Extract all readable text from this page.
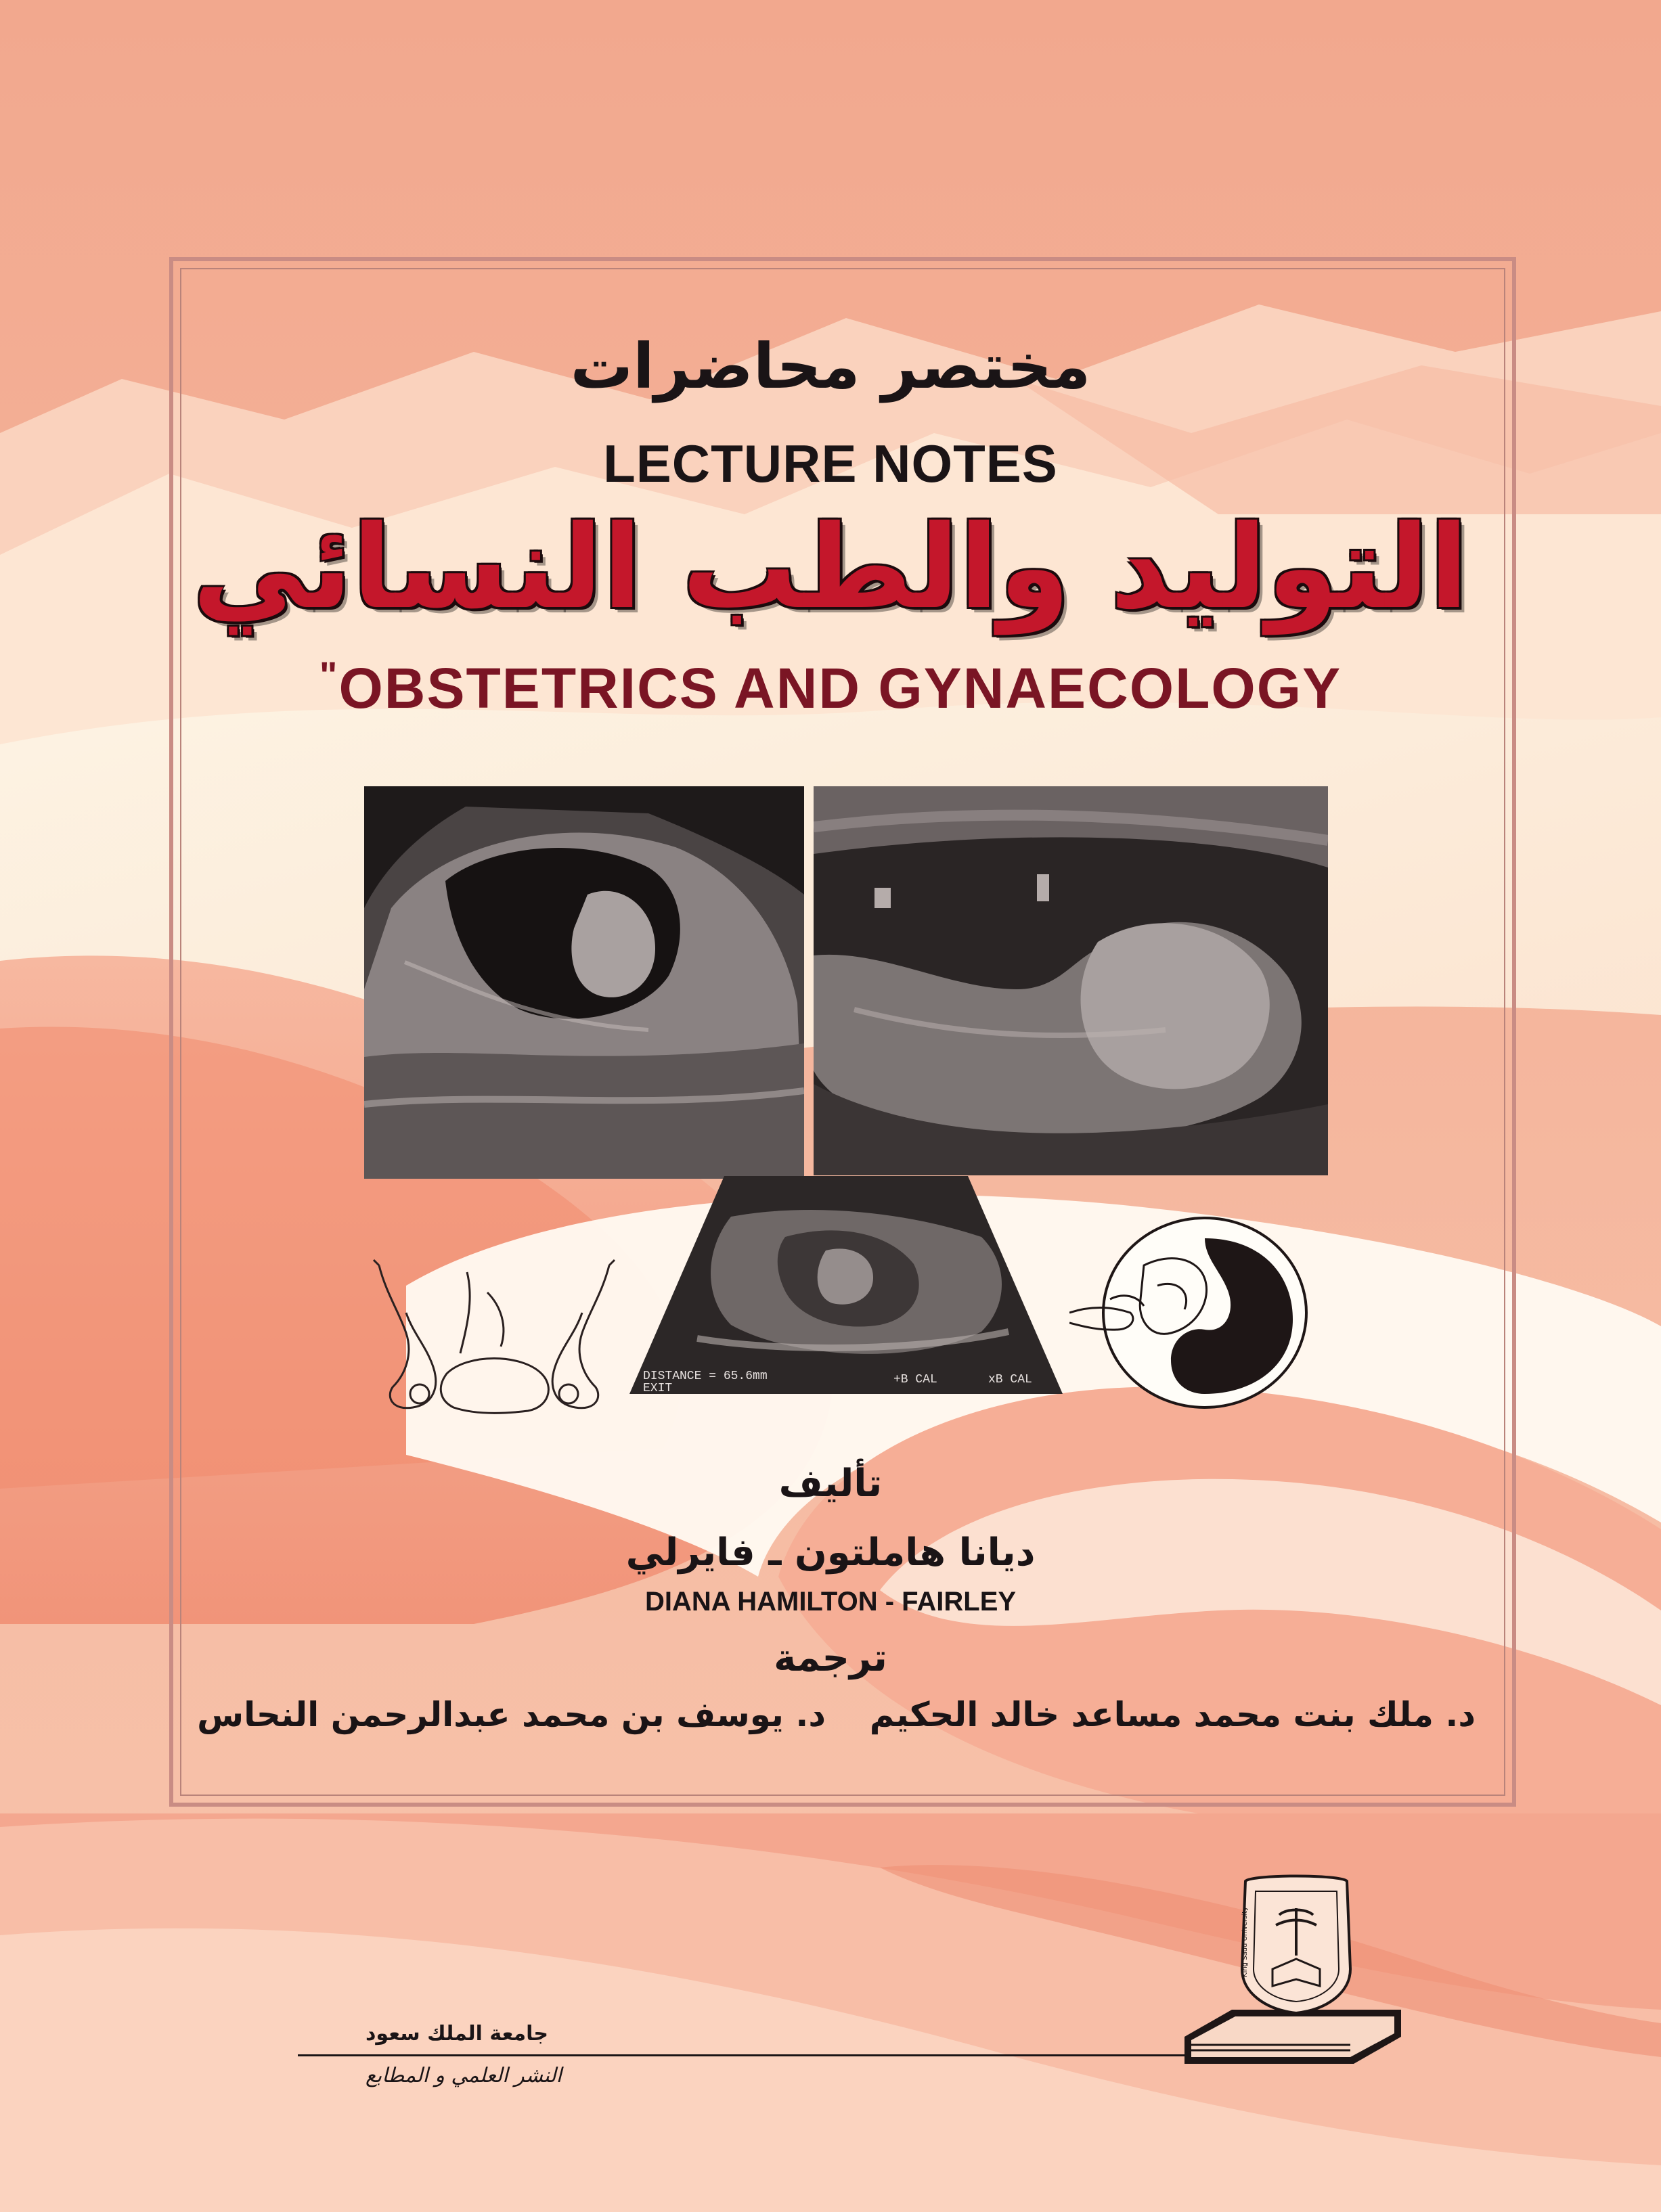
مختصر محاضرات
LECTURE NOTES
التوليد والطب النسائي
"OBSTETRICS AND GYNAECOLOGY
DISTANCE = 65.6mm
EXIT
+B CAL	xB CAL
تأليف
ديانا هاملتون ـ فايرلي
DIANA HAMILTON - FAIRLEY
ترجمة
د. ملك بنت محمد مساعد خالد الحكيم
د. يوسف بن محمد عبدالرحمن النحاس
جامعة الملك سعود
النشر العلمي و المطابع
King Saud University
